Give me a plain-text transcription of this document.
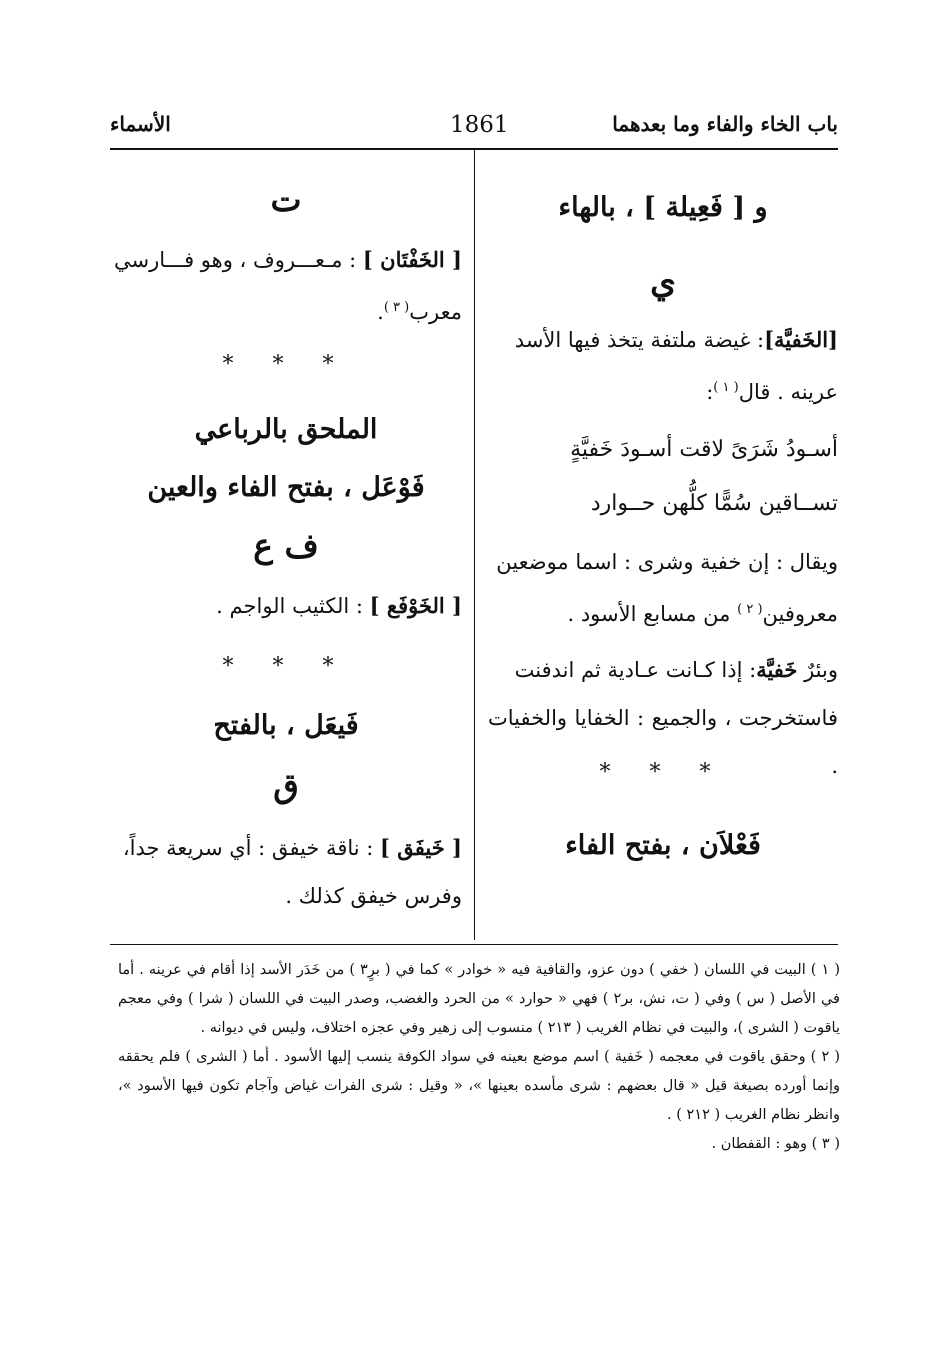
باب الخاء والفاء وما بعدهما
1861
الأسماء
و [ فَعِيلة ] ، بالهاء
ي
[الخَفيَّة]: غيضة ملتفة يتخذ فيها الأسد
عرينه . قال$^{( ١ )}$:
أسـودُ شَرَىً لاقت أسـودَ خَفيَّةٍ
تســاقين سُمًّا كلُّهن حــوارد
ويقال : إن خفية وشرى : اسما موضعين
معروفين$^{( ٢ )}$ من مسابع الأسود .
وبئرٌ خَفيَّة: إذا كـانت عـادية ثم اندفنت
فاستخرجت ، والجميع : الخفايا والخفيات .
* * *
فَعْلاَن ، بفتح الفاء
ت
[ الخَفْتَان ] : مـعـــروف ، وهو فـــارسي
معرب$^{( ٣ )}$.
* * *
الملحق بالرباعي
فَوْعَل ، بفتح الفاء والعين
ف ع
[ الخَوْفَع ] : الكثيب الواجم .
* * *
فَيعَل ، بالفتح
ق
[ خَيفَق ] : ناقة خيفق : أي سريعة جداً،
وفرس خيفق كذلك .

( ١ ) البيت في اللسان ( خفي ) دون عزو، والقافية فيه « خوادر » كما في ( برٍ٣ ) من خَدَر الأسد إذا أقام في عرينه . أما في الأصل ( س ) وفي ( ت، نش، بر٢ ) فهي « حوارد » من الحرد والغضب، وصدر البيت في اللسان ( شرا ) وفي معجم ياقوت ( الشرى )، والبيت في نظام الغريب ( ٢١٣ ) منسوب إلى زهير وفي عجزه اختلاف، وليس في ديوانه .

( ٢ ) وحقق ياقوت في معجمه ( خَفية ) اسم موضع بعينه في سواد الكوفة ينسب إليها الأسود . أما ( الشرى ) فلم يحققه وإنما أورده بصيغة قيل « قال بعضهم : شرى مأسده بعينها »، « وقيل : شرى الفرات غياض وآجام تكون فيها الأسود »، وانظر نظام الغريب ( ٢١٢ ) .

( ٣ ) وهو : القفطان .
